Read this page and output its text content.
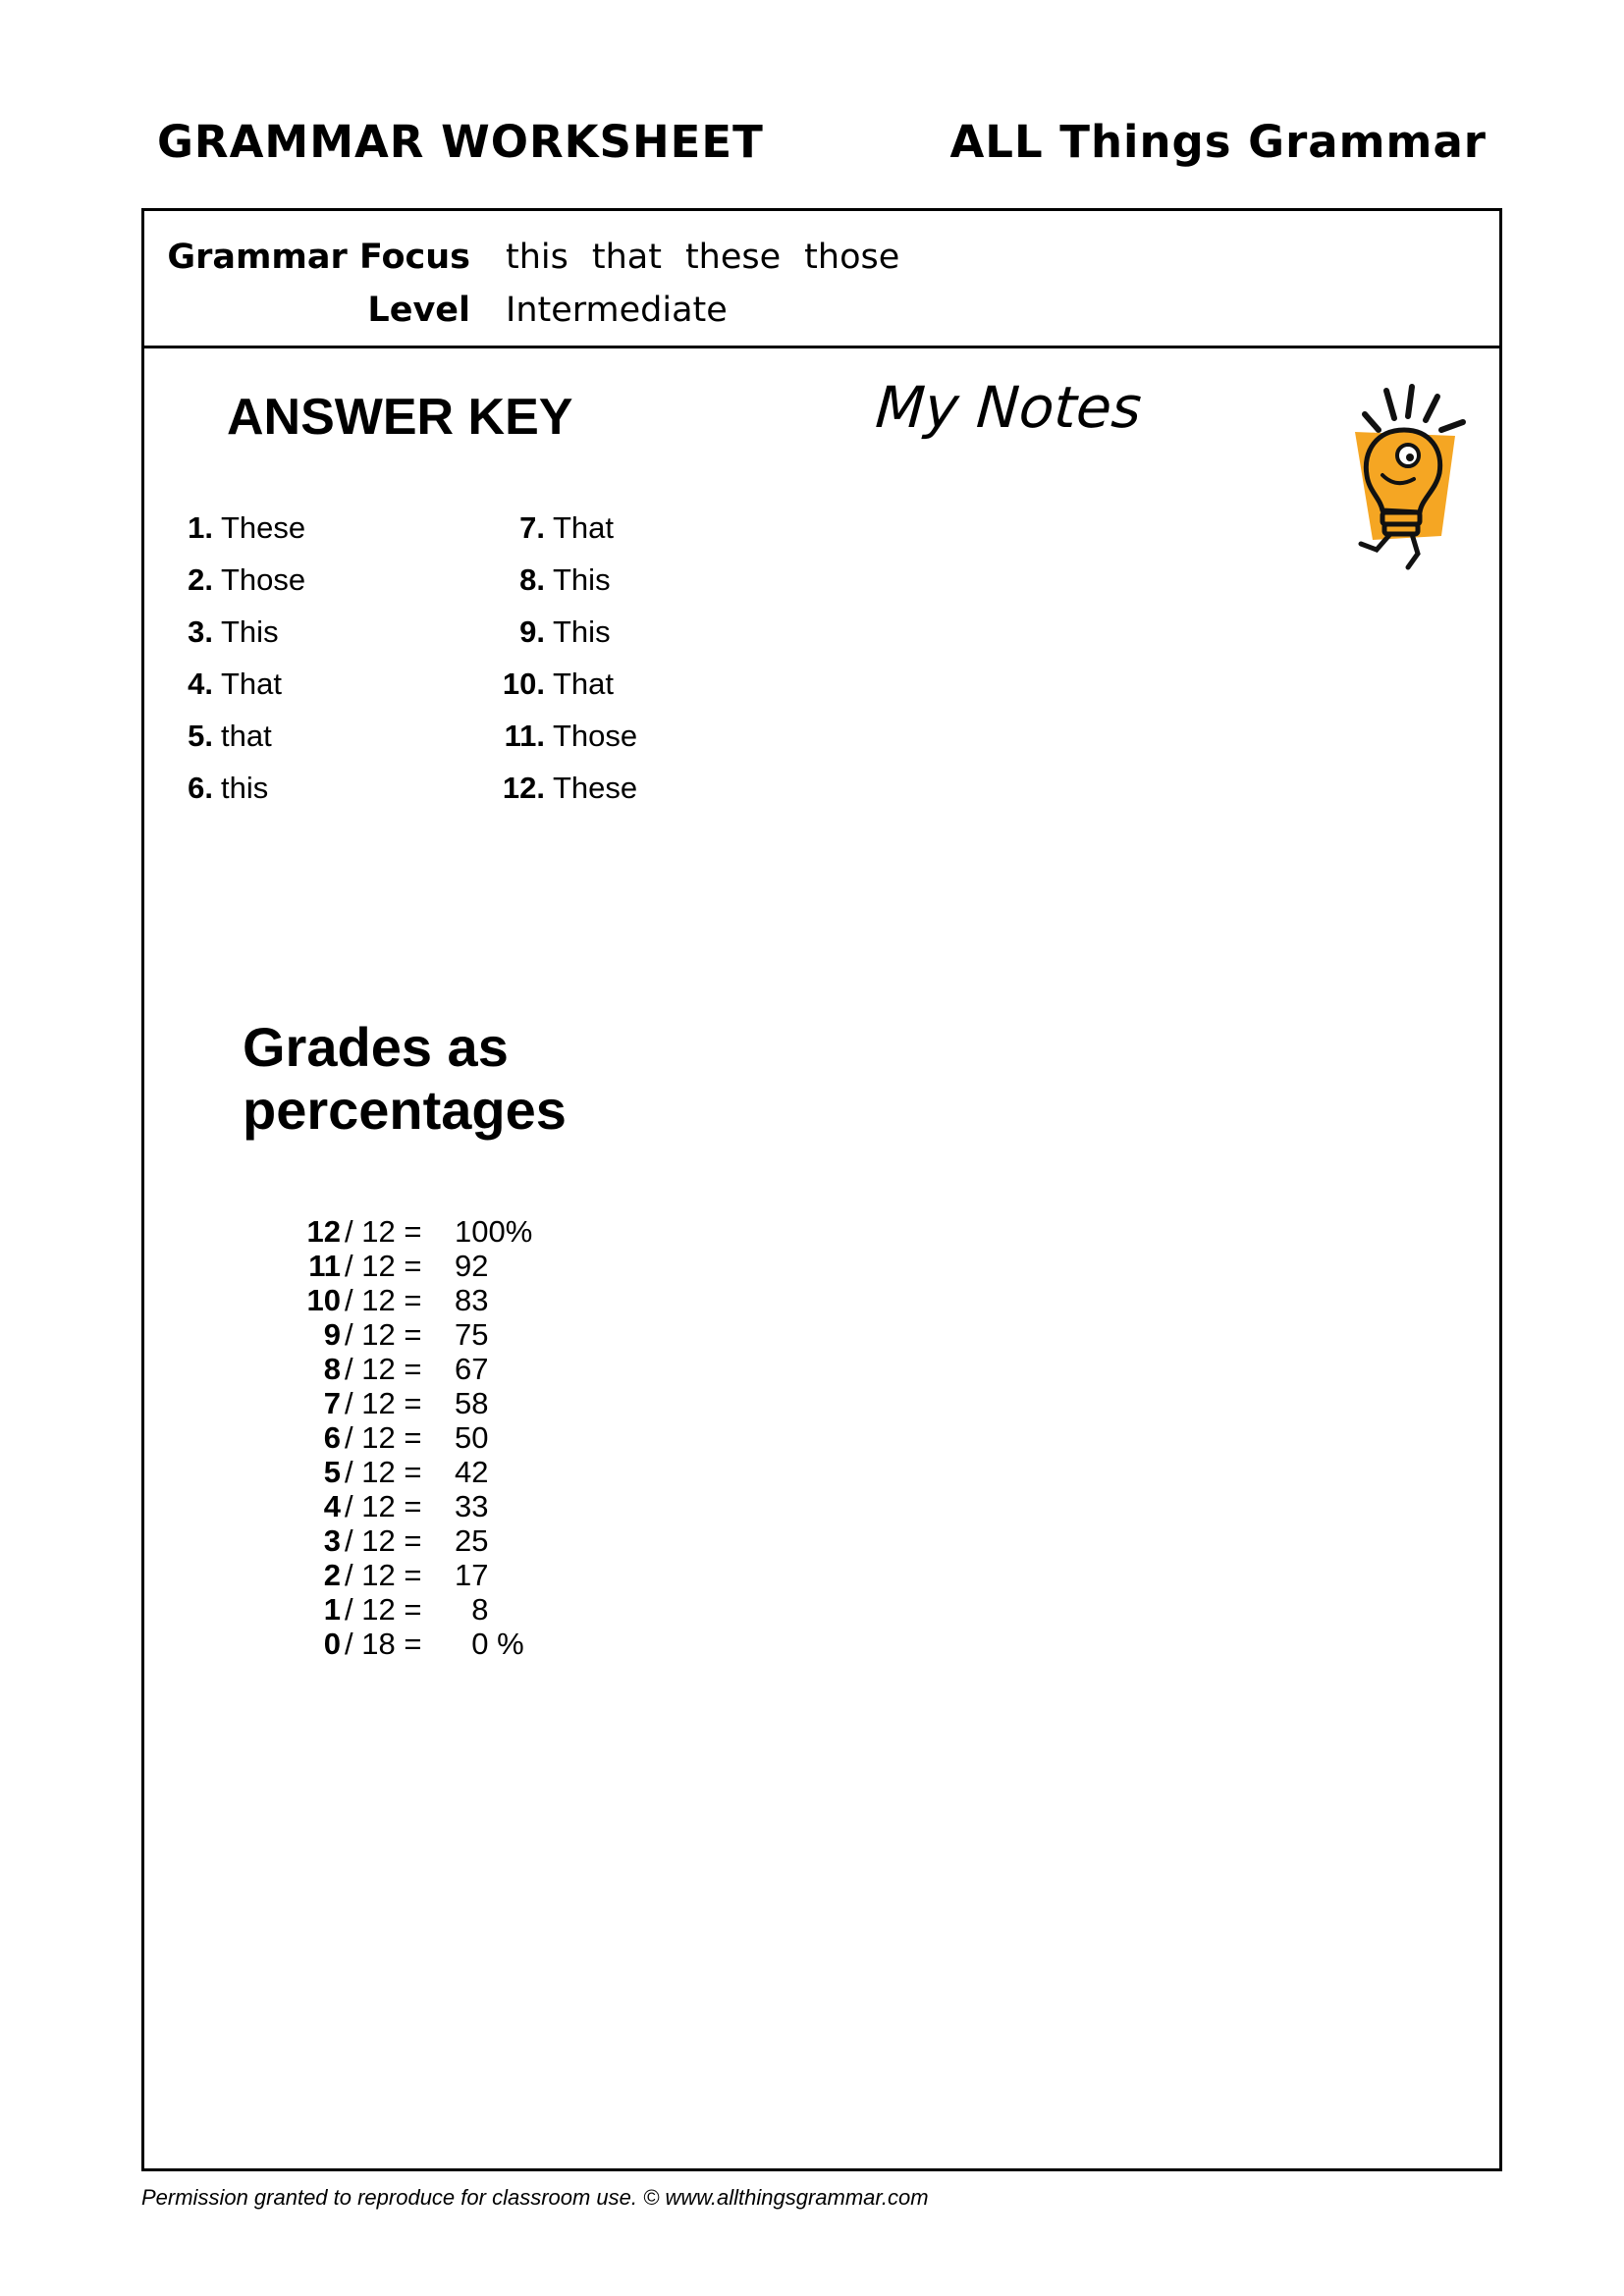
GRAMMAR WORKSHEET	ALL Things Grammar
Grammar Focus this that these those
Level Intermediate
ANSWER KEY	My Notes
1. These
2. Those
3. This
4. That
5. that
6. this
7. That
8. This
9. This
10. That
11. Those
12. These
Grades as
percentages
12 / 12 = 100%
11 / 12 = 92
10 / 12 = 83
9 / 12 = 75
8 / 12 = 67
7 / 12 = 58
6 / 12 = 50
5 / 12 = 42
4 / 12 = 33
3 / 12 = 25
2 / 12 = 17
1 / 12 = 8
0 / 18 = 0 %
Permission granted to reproduce for classroom use. © www.allthingsgrammar.com
